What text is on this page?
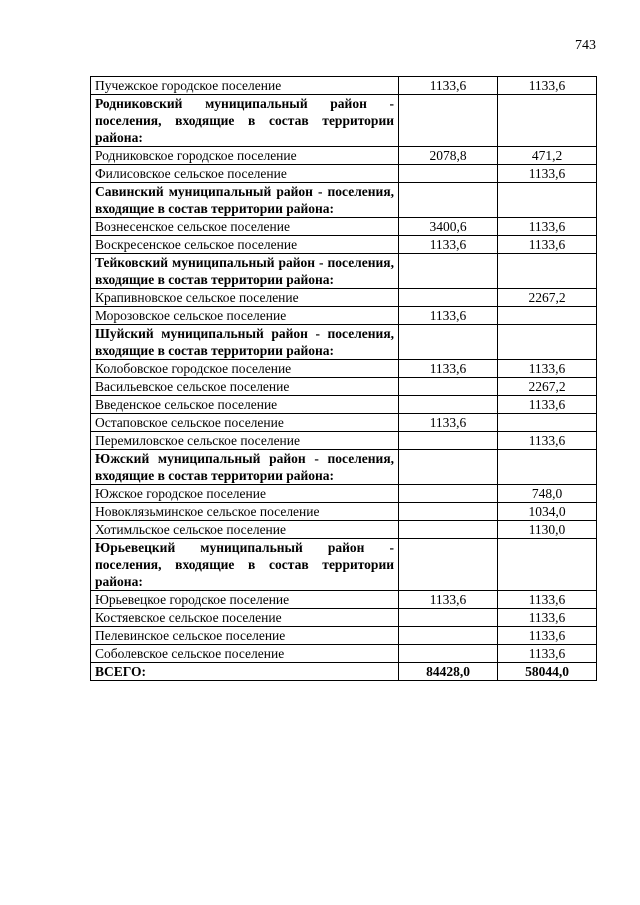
743
Пучежское городское поселение	1133,6	1133,6
Родниковский муниципальный район - поселения, входящие в состав территории района:		
Родниковское городское поселение	2078,8	471,2
Филисовское сельское поселение		1133,6
Савинский муниципальный район - поселения, входящие в состав территории района:		
Вознесенское сельское поселение	3400,6	1133,6
Воскресенское сельское поселение	1133,6	1133,6
Тейковский муниципальный район - поселения, входящие в состав территории района:		
Крапивновское сельское поселение		2267,2
Морозовское сельское поселение	1133,6	
Шуйский муниципальный район - поселения, входящие в состав территории района:		
Колобовское городское поселение	1133,6	1133,6
Васильевское сельское поселение		2267,2
Введенское сельское поселение		1133,6
Остаповское сельское поселение	1133,6	
Перемиловское сельское поселение		1133,6
Южский муниципальный район - поселения, входящие в состав территории района:		
Южское городское поселение		748,0
Новоклязьминское сельское поселение		1034,0
Хотимльское сельское поселение		1130,0
Юрьевецкий муниципальный район - поселения, входящие в состав территории района:		
Юрьевецкое городское поселение	1133,6	1133,6
Костяевское сельское поселение		1133,6
Пелевинское сельское поселение		1133,6
Соболевское сельское поселение		1133,6
ВСЕГО:	84428,0	58044,0
